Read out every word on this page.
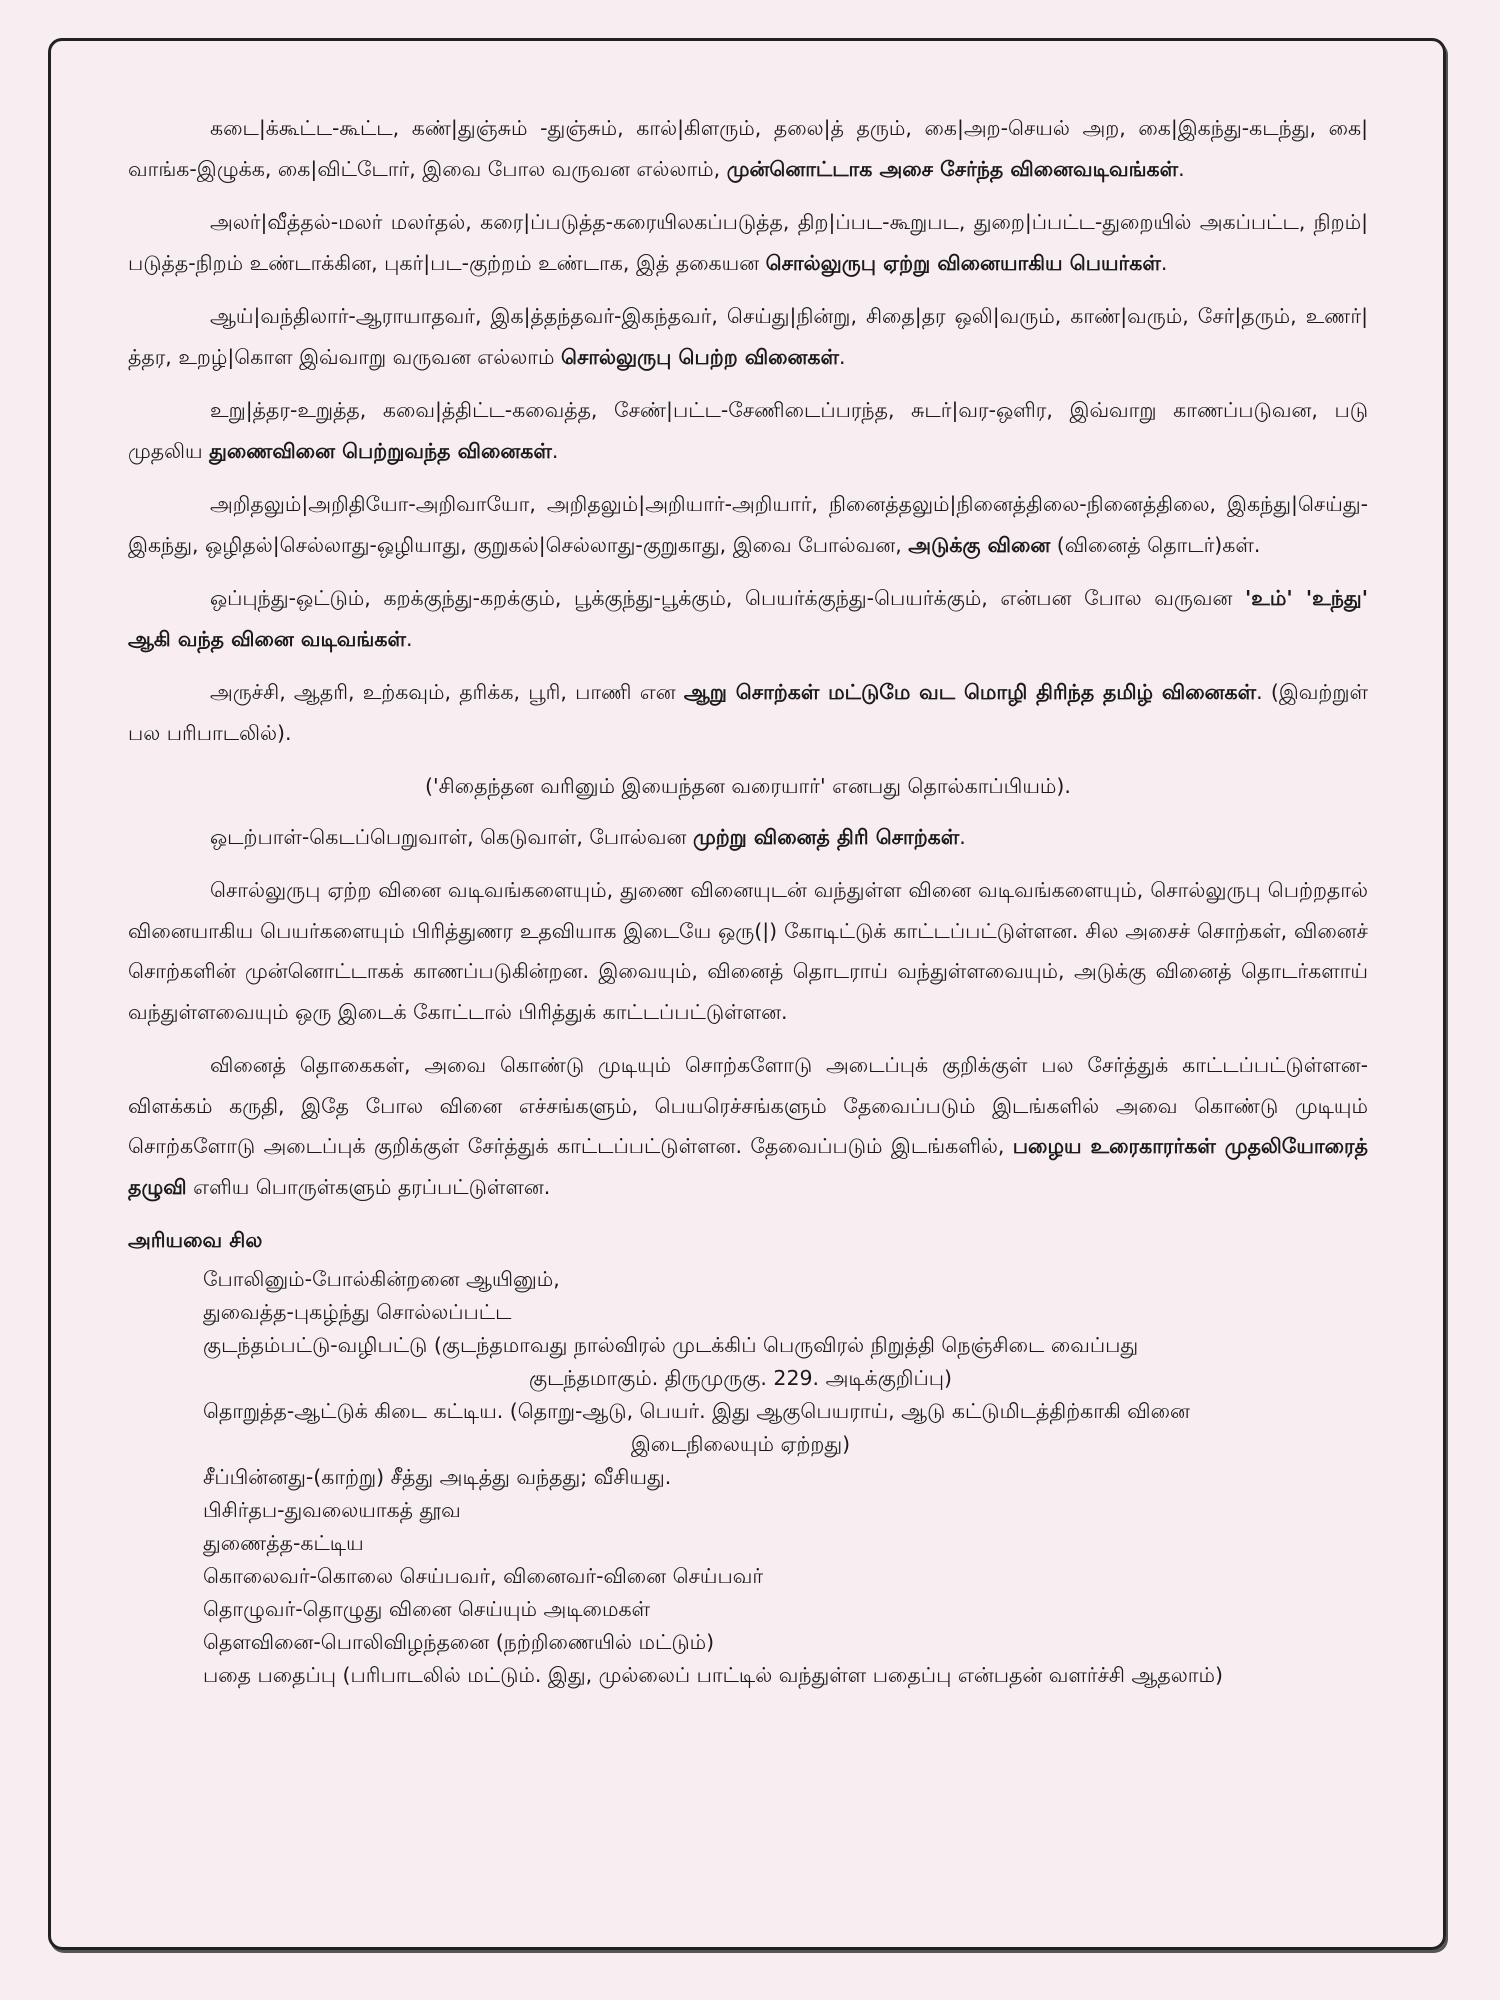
கடை|க்கூட்ட-கூட்ட, கண்|துஞ்சும் -துஞ்சும், கால்|கிளரும், தலை|த் தரும், கை|அற-செயல் அற, கை|இகந்து-கடந்து, கை|வாங்க-இழுக்க, கை|விட்டோர், இவை போல வருவன எல்லாம், முன்னொட்டாக அசை சேர்ந்த வினைவடிவங்கள்.

அலர்|வீத்தல்-மலர் மலர்தல், கரை|ப்படுத்த-கரையிலகப்படுத்த, திற|ப்பட-கூறுபட, துறை|ப்பட்ட-துறையில் அகப்பட்ட, நிறம்|படுத்த-நிறம் உண்டாக்கின, புகர்|பட-குற்றம் உண்டாக, இத் தகையன சொல்லுருபு ஏற்று வினையாகிய பெயர்கள்.

ஆய்|வந்திலார்-ஆராயாதவர், இக|த்தந்தவர்-இகந்தவர், செய்து|நின்று, சிதை|தர ஒலி|வரும், காண்|வரும், சேர்|தரும், உணர்|த்தர, உறழ்|கொள இவ்வாறு வருவன எல்லாம் சொல்லுருபு பெற்ற வினைகள்.

உறு|த்தர-உறுத்த, கவை|த்திட்ட-கவைத்த, சேண்|பட்ட-சேணிடைப்பரந்த, சுடர்|வர-ஒளிர, இவ்வாறு காணப்படுவன, படு முதலிய துணைவினை பெற்றுவந்த வினைகள்.

அறிதலும்|அறிதியோ-அறிவாயோ, அறிதலும்|அறியார்-அறியார், நினைத்தலும்|நினைத்திலை-நினைத்திலை, இகந்து|செய்து-இகந்து, ஒழிதல்|செல்லாது-ஒழியாது, குறுகல்|செல்லாது-குறுகாது, இவை போல்வன, அடுக்கு வினை (வினைத் தொடர்)கள்.

ஒப்புந்து-ஒட்டும், கறக்குந்து-கறக்கும், பூக்குந்து-பூக்கும், பெயர்க்குந்து-பெயர்க்கும், என்பன போல வருவன 'உம்' 'உந்து' ஆகி வந்த வினை வடிவங்கள்.

அருச்சி, ஆதரி, உற்கவும், தரிக்க, பூரி, பாணி என ஆறு சொற்கள் மட்டுமே வட மொழி திரிந்த தமிழ் வினைகள். (இவற்றுள் பல பரிபாடலில்).

('சிதைந்தன வரினும் இயைந்தன வரையார்' எனபது தொல்காப்பியம்).

ஒடற்பாள்-கெடப்பெறுவாள், கெடுவாள், போல்வன முற்று வினைத் திரி சொற்கள்.

சொல்லுருபு ஏற்ற வினை வடிவங்களையும், துணை வினையுடன் வந்துள்ள வினை வடிவங்களையும், சொல்லுருபு பெற்றதால் வினையாகிய பெயர்களையும் பிரித்துணர உதவியாக இடையே ஒரு(|) கோடிட்டுக் காட்டப்பட்டுள்ளன. சில அசைச் சொற்கள், வினைச் சொற்களின் முன்னொட்டாகக் காணப்படுகின்றன. இவையும், வினைத் தொடராய் வந்துள்ளவையும், அடுக்கு வினைத் தொடர்களாய் வந்துள்ளவையும் ஒரு இடைக் கோட்டால் பிரித்துக் காட்டப்பட்டுள்ளன.

வினைத் தொகைகள், அவை கொண்டு முடியும் சொற்களோடு அடைப்புக் குறிக்குள் பல சேர்த்துக் காட்டப்பட்டுள்ளன-விளக்கம் கருதி, இதே போல வினை எச்சங்களும், பெயரெச்சங்களும் தேவைப்படும் இடங்களில் அவை கொண்டு முடியும் சொற்களோடு அடைப்புக் குறிக்குள் சேர்த்துக் காட்டப்பட்டுள்ளன. தேவைப்படும் இடங்களில், பழைய உரைகாரர்கள் முதலியோரைத் தழுவி எளிய பொருள்களும் தரப்பட்டுள்ளன.

அரியவை சில
போலினும்-போல்கின்றனை ஆயினும்,
துவைத்த-புகழ்ந்து சொல்லப்பட்ட
குடந்தம்பட்டு-வழிபட்டு (குடந்தமாவது நால்விரல் முடக்கிப் பெருவிரல் நிறுத்தி நெஞ்சிடை வைப்பது
குடந்தமாகும். திருமுருகு. 229. அடிக்குறிப்பு)
தொறுத்த-ஆட்டுக் கிடை கட்டிய. (தொறு-ஆடு, பெயர். இது ஆகுபெயராய், ஆடு கட்டுமிடத்திற்காகி வினை
இடைநிலையும் ஏற்றது)
சீப்பின்னது-(காற்று) சீத்து அடித்து வந்தது; வீசியது.
பிசிர்தப-துவலையாகத் தூவ
துணைத்த-கட்டிய
கொலைவர்-கொலை செய்பவர், வினைவர்-வினை செய்பவர்
தொழுவர்-தொழுது வினை செய்யும் அடிமைகள்
தெளவினை-பொலிவிழந்தனை (நற்றிணையில் மட்டும்)
பதை பதைப்பு (பரிபாடலில் மட்டும். இது, முல்லைப் பாட்டில் வந்துள்ள பதைப்பு என்பதன் வளர்ச்சி ஆதலாம்)
